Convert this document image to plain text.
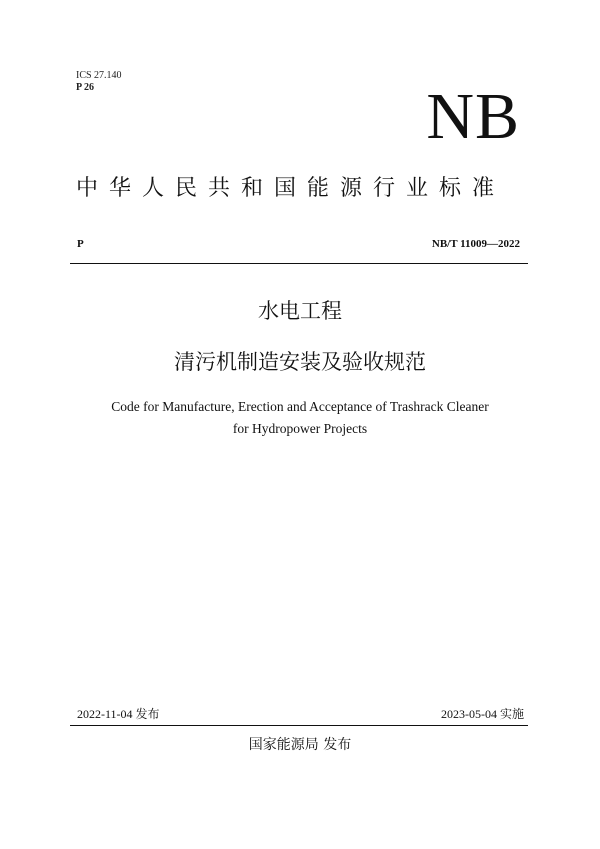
ICS 27.140
P 26	NB
中华人民共和国能源行业标准
P	NB/T 11009—2022
水电工程
清污机制造安装及验收规范
Code for Manufacture, Erection and Acceptance of Trashrack Cleaner
for Hydropower Projects
2022-11-04 发布	2023-05-04 实施
国家能源局 发布
